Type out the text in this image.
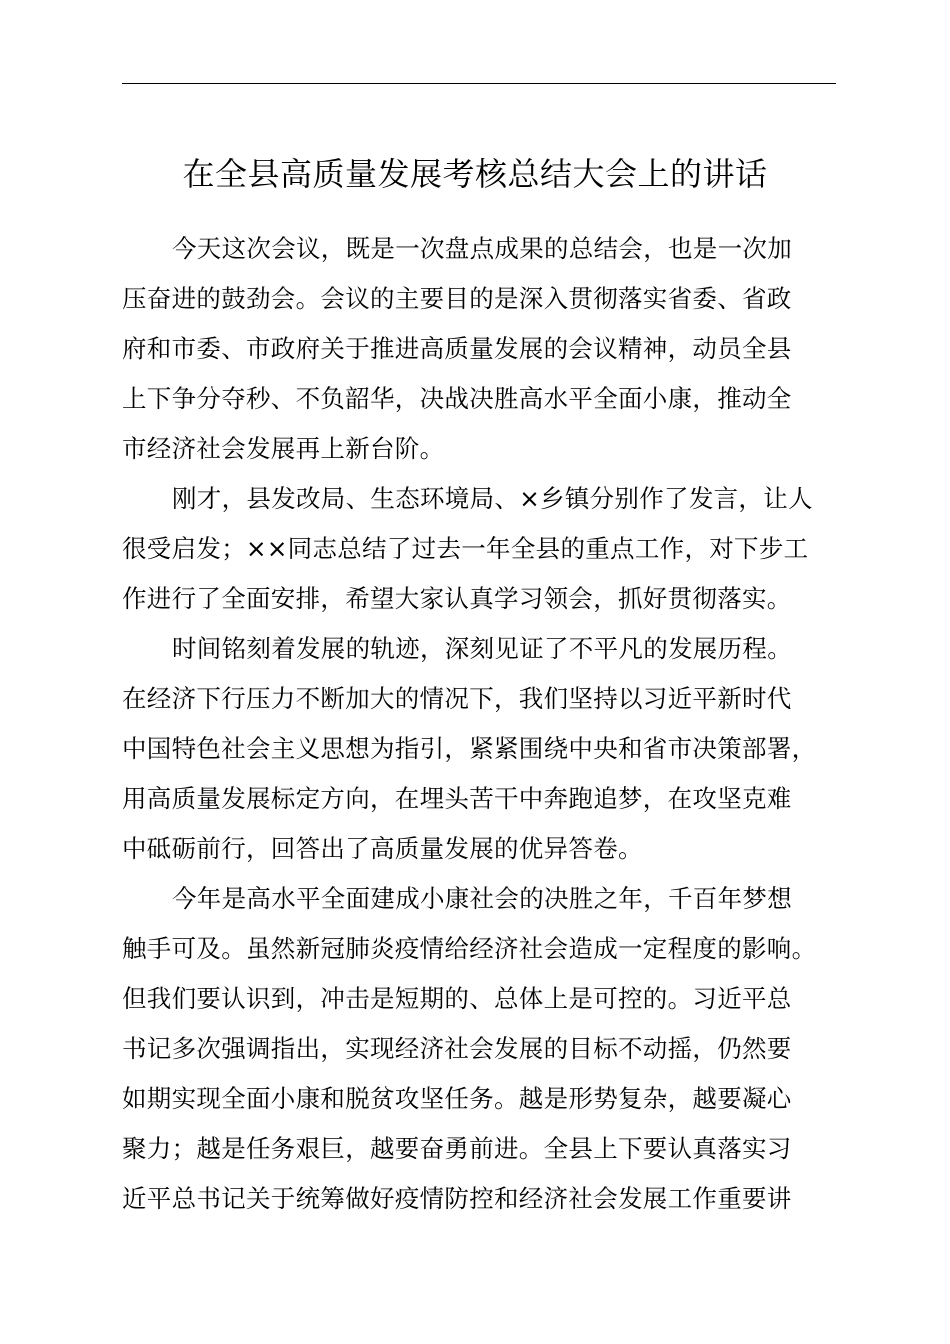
在全县高质量发展考核总结大会上的讲话
今天这次会议，既是一次盘点成果的总结会，也是一次加
压奋进的鼓劲会。会议的主要目的是深入贯彻落实省委、省政
府和市委、市政府关于推进高质量发展的会议精神，动员全县
上下争分夺秒、不负韶华，决战决胜高水平全面小康，推动全
市经济社会发展再上新台阶。
刚才，县发改局、生态环境局、×乡镇分别作了发言，让人
很受启发；××同志总结了过去一年全县的重点工作，对下步工
作进行了全面安排，希望大家认真学习领会，抓好贯彻落实。
时间铭刻着发展的轨迹，深刻见证了不平凡的发展历程。
在经济下行压力不断加大的情况下，我们坚持以习近平新时代
中国特色社会主义思想为指引，紧紧围绕中央和省市决策部署，
用高质量发展标定方向，在埋头苦干中奔跑追梦，在攻坚克难
中砥砺前行，回答出了高质量发展的优异答卷。
今年是高水平全面建成小康社会的决胜之年，千百年梦想
触手可及。虽然新冠肺炎疫情给经济社会造成一定程度的影响。
但我们要认识到，冲击是短期的、总体上是可控的。习近平总
书记多次强调指出，实现经济社会发展的目标不动摇，仍然要
如期实现全面小康和脱贫攻坚任务。越是形势复杂，越要凝心
聚力；越是任务艰巨，越要奋勇前进。全县上下要认真落实习
近平总书记关于统筹做好疫情防控和经济社会发展工作重要讲
